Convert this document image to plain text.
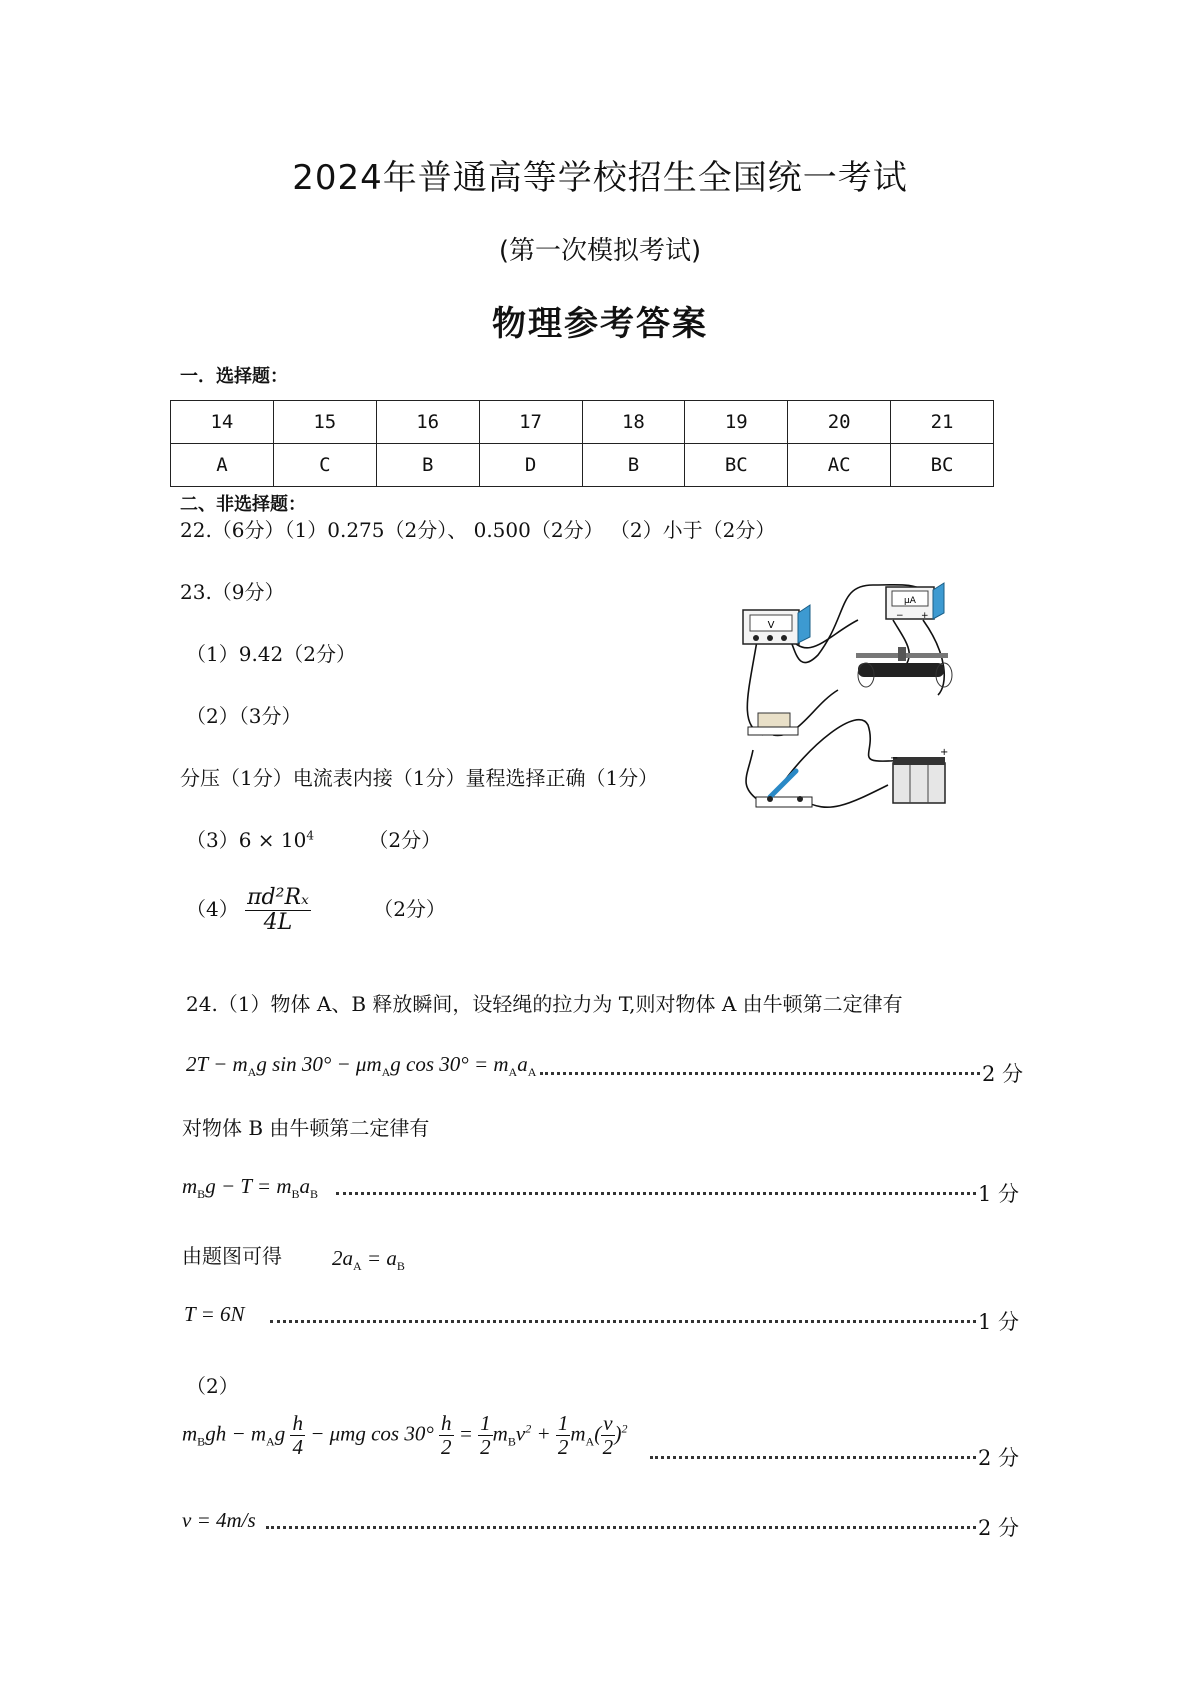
2024年普通高等学校招生全国统一考试
(第一次模拟考试)
物理参考答案
一．选择题：
14	15	16	17	18	19	20	21
A	C	B	D	B	BC	AC	BC
二、非选择题：
22.（6分）（1）0.275（2分）、 0.500（2分） （2）小于（2分）
23.（9分）
（1）9.42（2分）
（2）（3分）
分压（1分）电流表内接（1分）量程选择正确（1分）
$(3)6 \times 10^4$	（2分）
$(4) \frac{\text{πd²Rₓ}}{4L}$	（2分）
V
μA
− +
+
−
24.（1）物体 A、B 释放瞬间，设轻绳的拉力为 T,则对物体 A 由牛顿第二定律有
$2T - m_Ag$ $\sin 30^\circ - \mu m_Ag$ $\cos 30^\circ = m_Aa_A$	2 分
对物体 B 由牛顿第二定律有
$m_Bg - T = m_Ba_B$	1 分
由题图可得 $2a_A = a_B$
T = 6N	1 分
（2）
$m_Bgh - m_Ag \frac{h}{4} - \mu mg$ $\cos 30^\circ \frac{h}{2} = \frac{1}{2} m_Bv^2 + \frac{1}{2} m_A( \frac{v}{2} )^2$
2 分
v = 4m/s	2 分
